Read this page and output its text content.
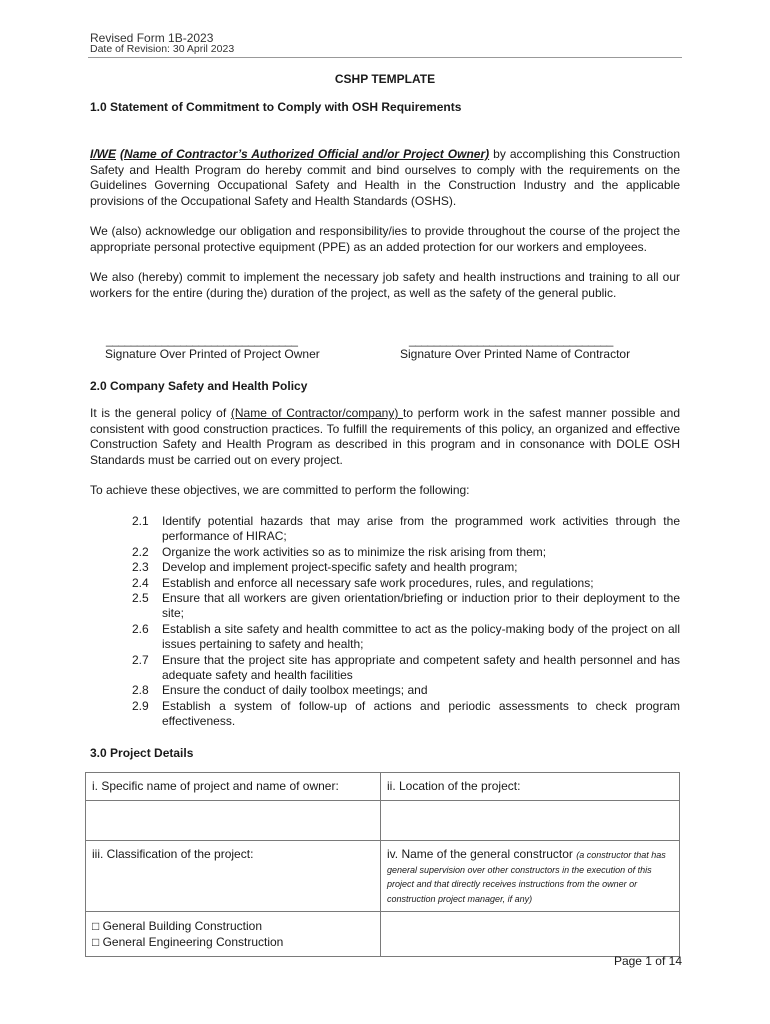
Revised Form 1B-2023
Date of Revision: 30 April 2023
CSHP TEMPLATE
1.0 Statement of Commitment to Comply with OSH Requirements
I/WE (Name of Contractor’s Authorized Official and/or Project Owner) by accomplishing this Construction Safety and Health Program do hereby commit and bind ourselves to comply with the requirements on the Guidelines Governing Occupational Safety and Health in the Construction Industry and the applicable provisions of the Occupational Safety and Health Standards (OSHS).
We (also) acknowledge our obligation and responsibility/ies to provide throughout the course of the project the appropriate personal protective equipment (PPE) as an added protection for our workers and employees.
We also (hereby) commit to implement the necessary job safety and health instructions and training to all our workers for the entire (during the) duration of the project, as well as the safety of the general public.
_______________________________	_________________________________
Signature Over Printed of Project Owner	Signature Over Printed Name of Contractor
2.0 Company Safety and Health Policy
It is the general policy of (Name of Contractor/company) to perform work in the safest manner possible and consistent with good construction practices. To fulfill the requirements of this policy, an organized and effective Construction Safety and Health Program as described in this program and in consonance with DOLE OSH Standards must be carried out on every project.
To achieve these objectives, we are committed to perform the following:
2.1	Identify potential hazards that may arise from the programmed work activities through the performance of HIRAC;
2.2	Organize the work activities so as to minimize the risk arising from them;
2.3	Develop and implement project-specific safety and health program;
2.4	Establish and enforce all necessary safe work procedures, rules, and regulations;
2.5	Ensure that all workers are given orientation/briefing or induction prior to their deployment to the site;
2.6	Establish a site safety and health committee to act as the policy-making body of the project on all issues pertaining to safety and health;
2.7	Ensure that the project site has appropriate and competent safety and health personnel and has adequate safety and health facilities
2.8	Ensure the conduct of daily toolbox meetings; and
2.9	Establish a system of follow-up of actions and periodic assessments to check program effectiveness.
3.0 Project Details
i. Specific name of project and name of owner:	ii. Location of the project:

iii. Classification of the project:	iv. Name of the general constructor (a constructor that has general supervision over other constructors in the execution of this project and that directly receives instructions from the owner or construction project manager, if any)

□ General Building Construction
□ General Engineering Construction	

Page 1 of 14
